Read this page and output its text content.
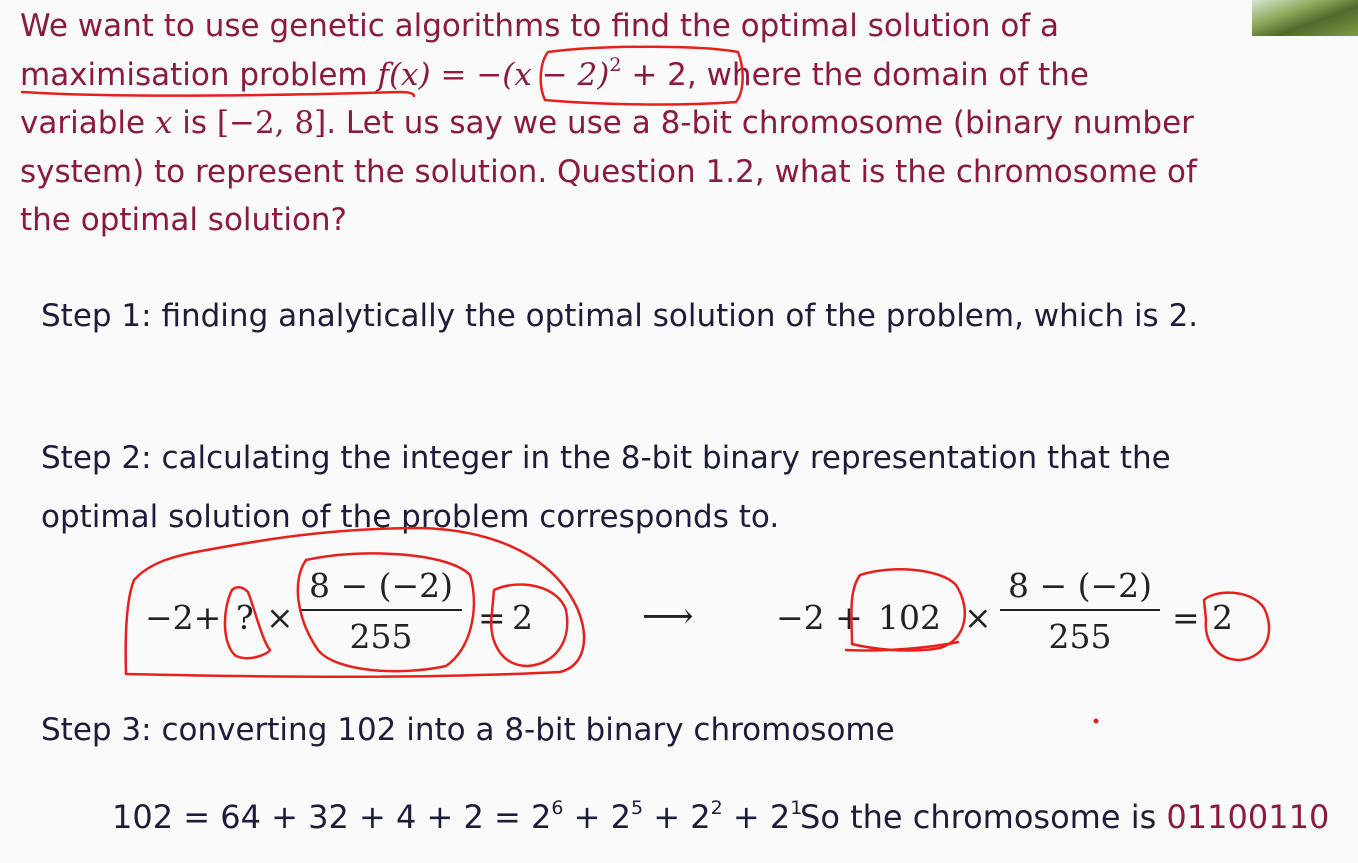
We want to use genetic algorithms to find the optimal solution of a
maximisation problem $f(x) = -(x - 2)^2 + 2$, where the domain of the
variable x is [−2, 8]. Let us say we use a 8-bit chromosome (binary number
system) to represent the solution. Question 1.2, what is the chromosome of
the optimal solution?
Step 1: finding analytically the optimal solution of the problem, which is 2.
Step 2: calculating the integer in the 8-bit binary representation that the
optimal solution of the problem corresponds to.
−2+ ? ×
8 − (−2)
255	= 2	⟶ −2 + 102 ×
8 − (−2)
255	= 2
Step 3: converting 102 into a 8-bit binary chromosome
$102 = 64 + 32 + 4 + 2 = 2^6 + 2^5 + 2^2 + 2^1$
So the chromosome is 01100110
